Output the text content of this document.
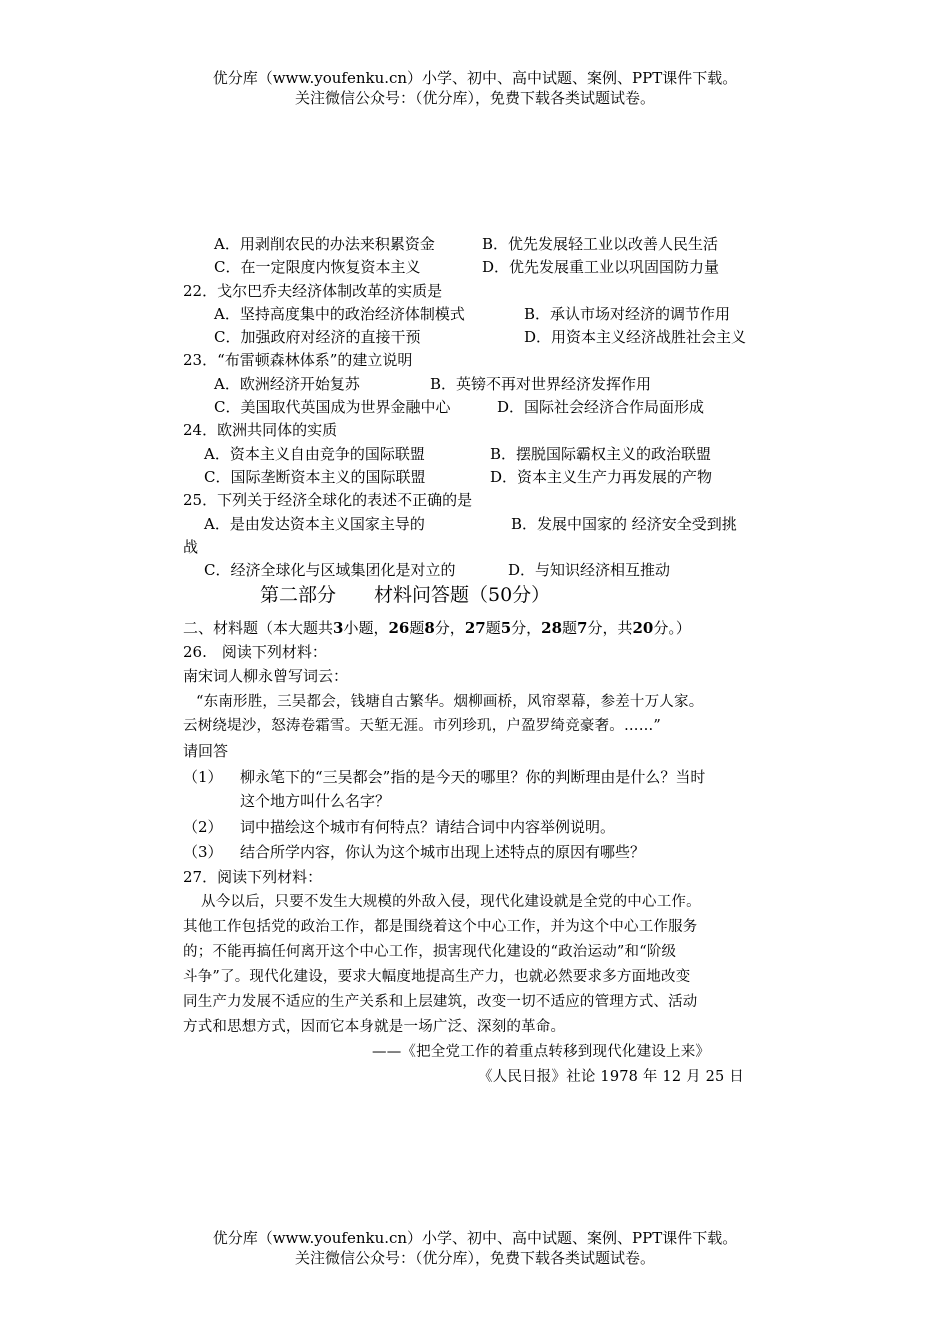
优分库（www.youfenku.cn）小学、初中、高中试题、案例、PPT课件下载。
关注微信公众号：（优分库），免费下载各类试题试卷。
A．用剥削农民的办法来积累资金	B．优先发展轻工业以改善人民生活
C．在一定限度内恢复资本主义	D．优先发展重工业以巩固国防力量
22．戈尔巴乔夫经济体制改革的实质是
A．坚持高度集中的政治经济体制模式	B．承认市场对经济的调节作用
C．加强政府对经济的直接干预	D．用资本主义经济战胜社会主义
23．“布雷顿森林体系”的建立说明
A．欧洲经济开始复苏	B．英镑不再对世界经济发挥作用
C．美国取代英国成为世界金融中心	D．国际社会经济合作局面形成
24．欧洲共同体的实质
A．资本主义自由竞争的国际联盟	B．摆脱国际霸权主义的政治联盟
C．国际垄断资本主义的国际联盟	D．资本主义生产力再发展的产物
25．下列关于经济全球化的表述不正确的是
A．是由发达资本主义国家主导的	B．发展中国家的 经济安全受到挑
战
C．经济全球化与区域集团化是对立的	D．与知识经济相互推动
第二部分　　材料问答题（50分）
二、材料题（本大题共3小题，26题8分，27题5分，28题7分，共20分。）
26.　阅读下列材料：
南宋词人柳永曾写词云：
“东南形胜，三吴都会，钱塘自古繁华。烟柳画桥，风帘翠幕，参差十万人家。
云树绕堤沙，怒涛卷霜雪。天堑无涯。市列珍玑，户盈罗绮竞豪奢。……”
请回答
（1） 柳永笔下的“三吴都会”指的是今天的哪里？你的判断理由是什么？当时
这个地方叫什么名字？
（2） 词中描绘这个城市有何特点？请结合词中内容举例说明。
（3） 结合所学内容，你认为这个城市出现上述特点的原因有哪些？
27．阅读下列材料：
从今以后，只要不发生大规模的外敌入侵，现代化建设就是全党的中心工作。
其他工作包括党的政治工作，都是围绕着这个中心工作，并为这个中心工作服务
的；不能再搞任何离开这个中心工作，损害现代化建设的“政治运动”和“阶级
斗争”了。现代化建设，要求大幅度地提高生产力，也就必然要求多方面地改变
同生产力发展不适应的生产关系和上层建筑，改变一切不适应的管理方式、活动
方式和思想方式，因而它本身就是一场广泛、深刻的革命。
——《把全党工作的着重点转移到现代化建设上来》
《人民日报》社论 1978 年 12 月 25 日
优分库（www.youfenku.cn）小学、初中、高中试题、案例、PPT课件下载。
关注微信公众号：（优分库），免费下载各类试题试卷。
